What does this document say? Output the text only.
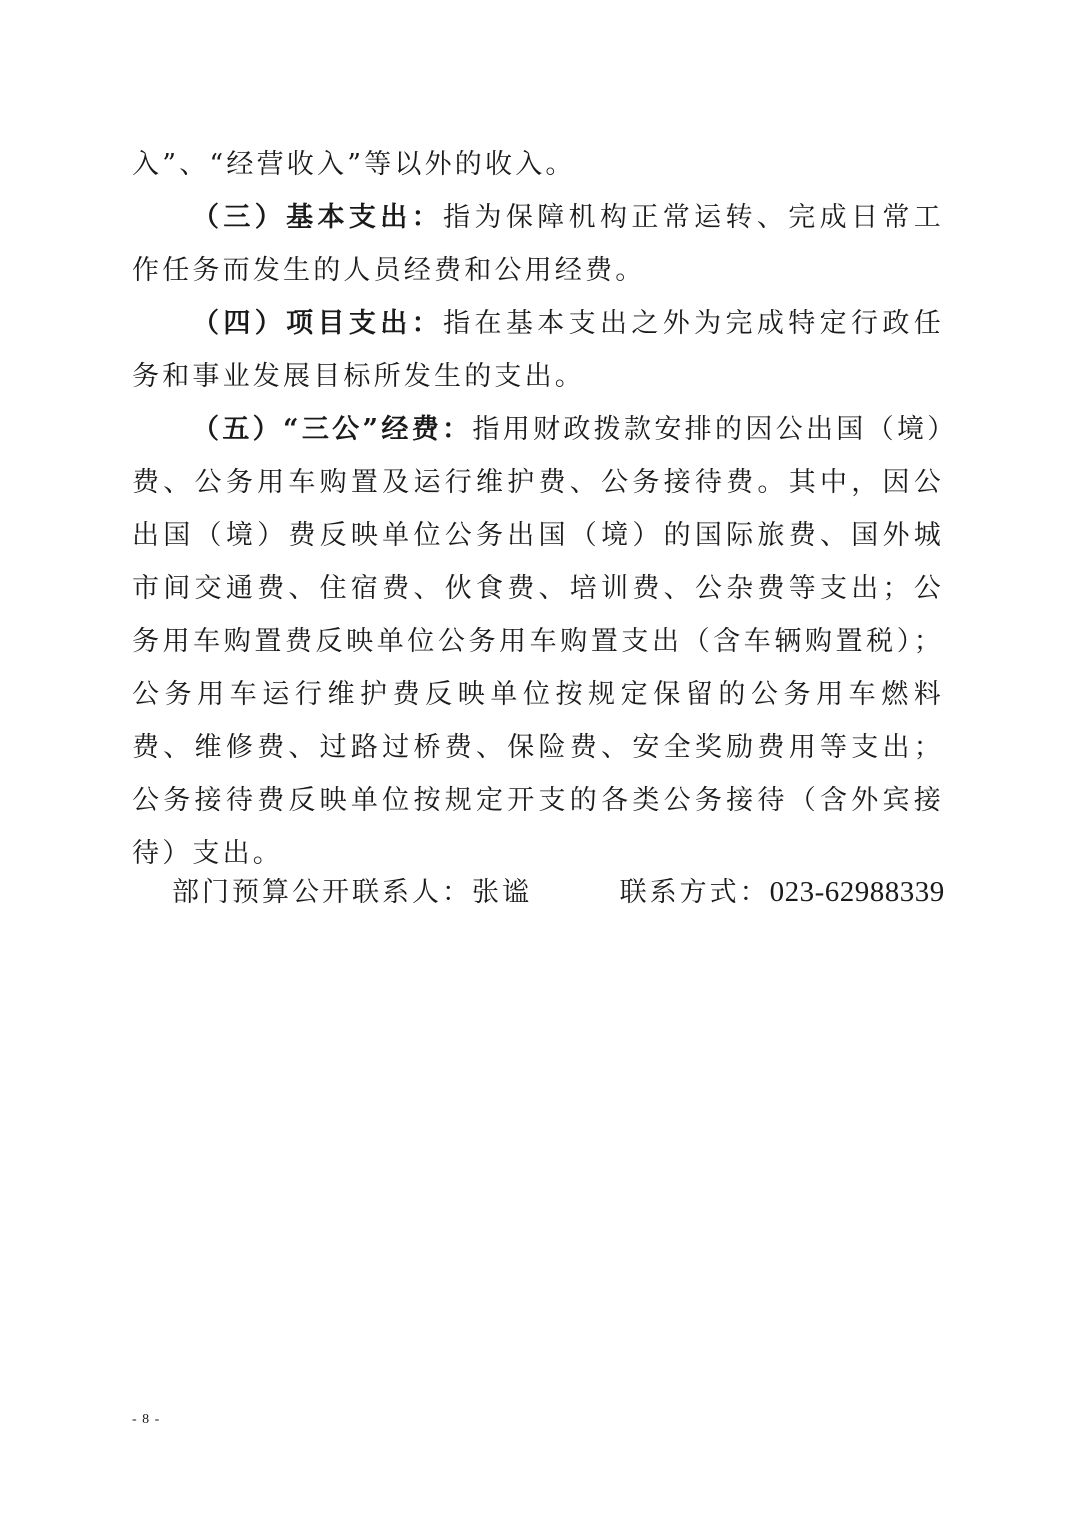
入”、“经营收入”等以外的收入。

（三）基本支出：指为保障机构正常运转、完成日常工作任务而发生的人员经费和公用经费。

（四）项目支出：指在基本支出之外为完成特定行政任务和事业发展目标所发生的支出。

（五）“三公”经费：指用财政拨款安排的因公出国（境）费、公务用车购置及运行维护费、公务接待费。其中，因公出国（境）费反映单位公务出国（境）的国际旅费、国外城市间交通费、住宿费、伙食费、培训费、公杂费等支出；公务用车购置费反映单位公务用车购置支出（含车辆购置税）；公务用车运行维护费反映单位按规定保留的公务用车燃料费、维修费、过路过桥费、保险费、安全奖励费用等支出；公务接待费反映单位按规定开支的各类公务接待（含外宾接待）支出。

部门预算公开联系人：张谧	联系方式：023-62988339
- 8 -
